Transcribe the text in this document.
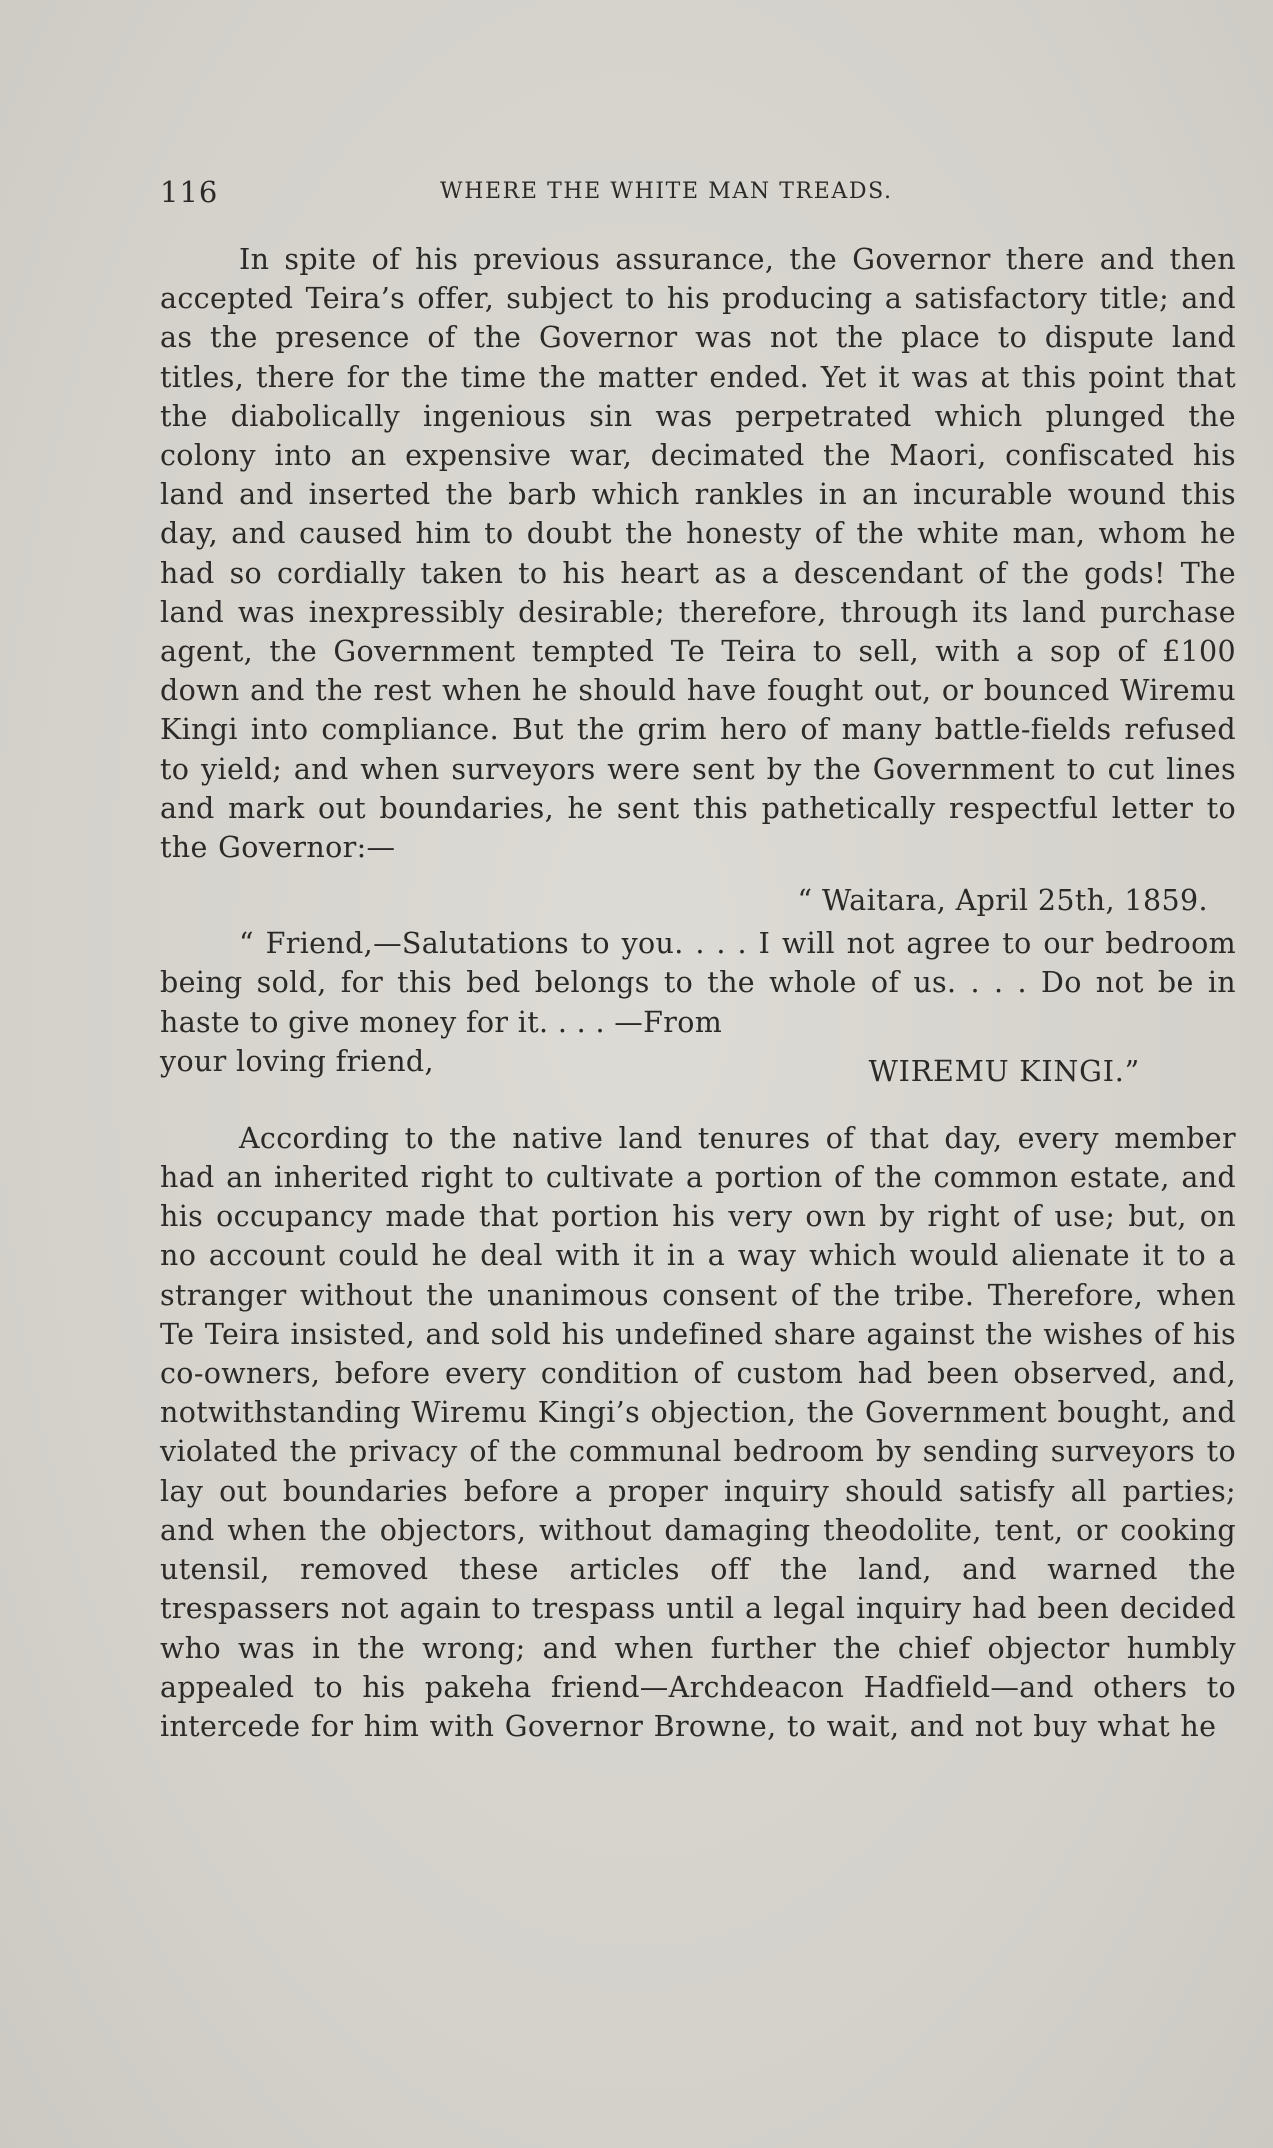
116	WHERE THE WHITE MAN TREADS.

In spite of his previous assurance, the Governor there and then accepted Teira’s offer, subject to his producing a satisfactory title; and as the presence of the Governor was not the place to dispute land titles, there for the time the matter ended. Yet it was at this point that the diabolically ingenious sin was perpetrated which plunged the colony into an expensive war, decimated the Maori, confiscated his land and inserted the barb which rankles in an incurable wound this day, and caused him to doubt the honesty of the white man, whom he had so cordially taken to his heart as a descendant of the gods! The land was inexpressibly desirable; therefore, through its land purchase agent, the Government tempted Te Teira to sell, with a sop of £100 down and the rest when he should have fought out, or bounced Wiremu Kingi into compliance. But the grim hero of many battle-fields refused to yield; and when surveyors were sent by the Government to cut lines and mark out boundaries, he sent this pathetically respectful letter to the Governor:—

“ Waitara, April 25th, 1859.

“ Friend,—Salutations to you. . . . I will not agree to our bedroom being sold, for this bed belongs to the whole of us. . . . Do not be in haste to give money for it. . . . —From

your loving friend,	WIREMU KINGI.”

According to the native land tenures of that day, every member had an inherited right to cultivate a portion of the common estate, and his occupancy made that portion his very own by right of use; but, on no account could he deal with it in a way which would alienate it to a stranger without the unanimous consent of the tribe. Therefore, when Te Teira insisted, and sold his undefined share against the wishes of his co-owners, before every condition of custom had been observed, and, notwithstanding Wiremu Kingi’s objection, the Government bought, and violated the privacy of the communal bedroom by sending surveyors to lay out boundaries before a proper inquiry should satisfy all parties; and when the objectors, without damaging theodolite, tent, or cooking utensil, removed these articles off the land, and warned the trespassers not again to trespass until a legal inquiry had been decided who was in the wrong; and when further the chief objector humbly appealed to his pakeha friend—Archdeacon Hadfield—and others to intercede for him with Governor Browne, to wait, and not buy what he
